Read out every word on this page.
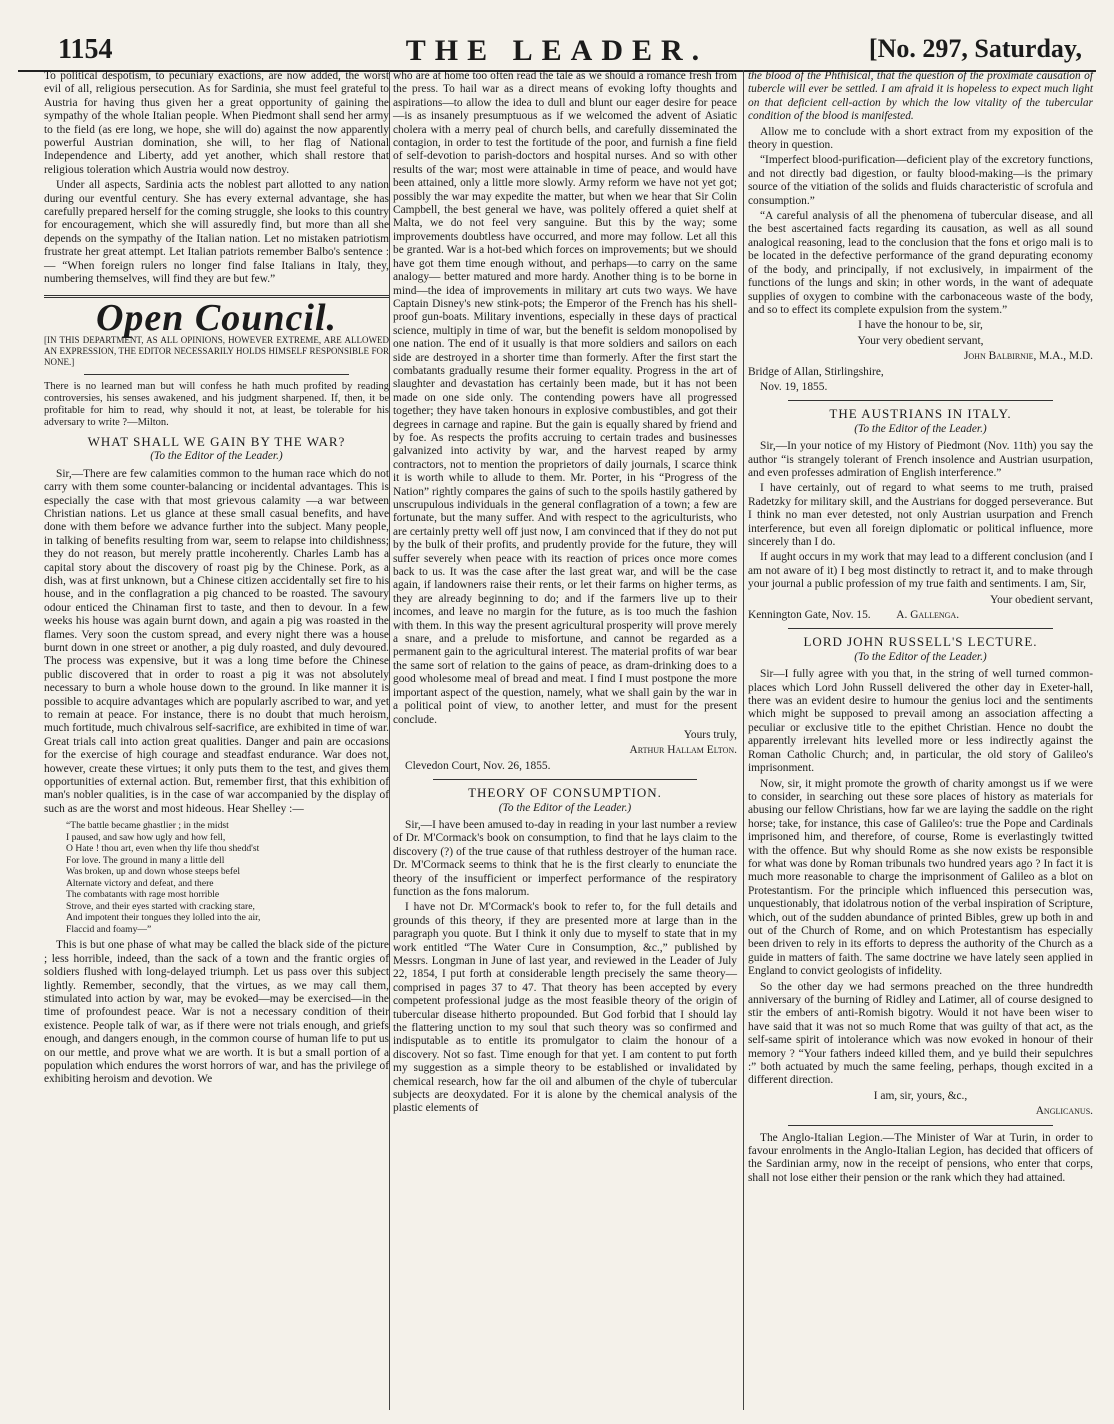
1154	THE LEADER.	[No. 297, Saturday,

To political despotism, to pecuniary exactions, are now added, the worst evil of all, religious persecution. As for Sardinia, she must feel grateful to Austria for having thus given her a great opportunity of gaining the sympathy of the whole Italian people. When Piedmont shall send her army to the field (as ere long, we hope, she will do) against the now apparently powerful Austrian domination, she will, to her flag of National Independence and Liberty, add yet another, which shall restore that religious toleration which Austria would now destroy.

Under all aspects, Sardinia acts the noblest part allotted to any nation during our eventful century. She has every external advantage, she has carefully prepared herself for the coming struggle, she looks to this country for encouragement, which she will assuredly find, but more than all she depends on the sympathy of the Italian nation. Let no mistaken patriotism frustrate her great attempt. Let Italian patriots remember Balbo's sentence :— “When foreign rulers no longer find false Italians in Italy, they, numbering themselves, will find they are but few.”

Open Council.

[IN THIS DEPARTMENT, AS ALL OPINIONS, HOWEVER EXTREME, ARE ALLOWED AN EXPRESSION, THE EDITOR NECESSARILY HOLDS HIMSELF RESPONSIBLE FOR NONE.]

There is no learned man but will confess he hath much profited by reading controversies, his senses awakened, and his judgment sharpened. If, then, it be profitable for him to read, why should it not, at least, be tolerable for his adversary to write ?—Milton.

WHAT SHALL WE GAIN BY THE WAR?
(To the Editor of the Leader.)

Sir,—There are few calamities common to the human race which do not carry with them some counter-balancing or incidental advantages. This is especially the case with that most grievous calamity —a war between Christian nations. Let us glance at these small casual benefits, and have done with them before we advance further into the subject. Many people, in talking of benefits resulting from war, seem to relapse into childishness; they do not reason, but merely prattle incoherently. Charles Lamb has a capital story about the discovery of roast pig by the Chinese. Pork, as a dish, was at first unknown, but a Chinese citizen accidentally set fire to his house, and in the conflagration a pig chanced to be roasted. The savoury odour enticed the Chinaman first to taste, and then to devour. In a few weeks his house was again burnt down, and again a pig was roasted in the flames. Very soon the custom spread, and every night there was a house burnt down in one street or another, a pig duly roasted, and duly devoured. The process was expensive, but it was a long time before the Chinese public discovered that in order to roast a pig it was not absolutely necessary to burn a whole house down to the ground. In like manner it is possible to acquire advantages which are popularly ascribed to war, and yet to remain at peace. For instance, there is no doubt that much heroism, much fortitude, much chivalrous self-sacrifice, are exhibited in time of war. Great trials call into action great qualities. Danger and pain are occasions for the exercise of high courage and steadfast endurance. War does not, however, create these virtues; it only puts them to the test, and gives them opportunities of external action. But, remember first, that this exhibition of man's nobler qualities, is in the case of war accompanied by the display of such as are the worst and most hideous. Hear Shelley :—

“The battle became ghastlier ; in the midst
I paused, and saw how ugly and how fell,
O Hate ! thou art, even when thy life thou shedd'st
For love. The ground in many a little dell
Was broken, up and down whose steeps befel
Alternate victory and defeat, and there
The combatants with rage most horrible
Strove, and their eyes started with cracking stare,
And impotent their tongues they lolled into the air,
Flaccid and foamy—”

This is but one phase of what may be called the black side of the picture ; less horrible, indeed, than the sack of a town and the frantic orgies of soldiers flushed with long-delayed triumph. Let us pass over this subject lightly. Remember, secondly, that the virtues, as we may call them, stimulated into action by war, may be evoked—may be exercised—in the time of profoundest peace. War is not a necessary condition of their existence. People talk of war, as if there were not trials enough, and griefs enough, and dangers enough, in the common course of human life to put us on our mettle, and prove what we are worth. It is but a small portion of a population which endures the worst horrors of war, and has the privilege of exhibiting heroism and devotion. We

who are at home too often read the tale as we should a romance fresh from the press. To hail war as a direct means of evoking lofty thoughts and aspirations—to allow the idea to dull and blunt our eager desire for peace—is as insanely presumptuous as if we welcomed the advent of Asiatic cholera with a merry peal of church bells, and carefully disseminated the contagion, in order to test the fortitude of the poor, and furnish a fine field of self-devotion to parish-doctors and hospital nurses. And so with other results of the war; most were attainable in time of peace, and would have been attained, only a little more slowly. Army reform we have not yet got; possibly the war may expedite the matter, but when we hear that Sir Colin Campbell, the best general we have, was politely offered a quiet shelf at Malta, we do not feel very sanguine. But this by the way; some improvements doubtless have occurred, and more may follow. Let all this be granted. War is a hot-bed which forces on improvements; but we should have got them time enough without, and perhaps—to carry on the same analogy— better matured and more hardy. Another thing is to be borne in mind—the idea of improvements in military art cuts two ways. We have Captain Disney's new stink-pots; the Emperor of the French has his shell-proof gun-boats. Military inventions, especially in these days of practical science, multiply in time of war, but the benefit is seldom monopolised by one nation. The end of it usually is that more soldiers and sailors on each side are destroyed in a shorter time than formerly. After the first start the combatants gradually resume their former equality. Progress in the art of slaughter and devastation has certainly been made, but it has not been made on one side only. The contending powers have all progressed together; they have taken honours in explosive combustibles, and got their degrees in carnage and rapine. But the gain is equally shared by friend and by foe. As respects the profits accruing to certain trades and businesses galvanized into activity by war, and the harvest reaped by army contractors, not to mention the proprietors of daily journals, I scarce think it is worth while to allude to them. Mr. Porter, in his “Progress of the Nation” rightly compares the gains of such to the spoils hastily gathered by unscrupulous individuals in the general conflagration of a town; a few are fortunate, but the many suffer. And with respect to the agriculturists, who are certainly pretty well off just now, I am convinced that if they do not put by the bulk of their profits, and prudently provide for the future, they will suffer severely when peace with its reaction of prices once more comes back to us. It was the case after the last great war, and will be the case again, if landowners raise their rents, or let their farms on higher terms, as they are already beginning to do; and if the farmers live up to their incomes, and leave no margin for the future, as is too much the fashion with them. In this way the present agricultural prosperity will prove merely a snare, and a prelude to misfortune, and cannot be regarded as a permanent gain to the agricultural interest. The material profits of war bear the same sort of relation to the gains of peace, as dram-drinking does to a good wholesome meal of bread and meat. I find I must postpone the more important aspect of the question, namely, what we shall gain by the war in a political point of view, to another letter, and must for the present conclude.

Yours truly,

Arthur Hallam Elton.

Clevedon Court, Nov. 26, 1855.

THEORY OF CONSUMPTION.
(To the Editor of the Leader.)

Sir,—I have been amused to-day in reading in your last number a review of Dr. M'Cormack's book on consumption, to find that he lays claim to the discovery (?) of the true cause of that ruthless destroyer of the human race. Dr. M'Cormack seems to think that he is the first clearly to enunciate the theory of the insufficient or imperfect performance of the respiratory function as the fons malorum.

I have not Dr. M'Cormack's book to refer to, for the full details and grounds of this theory, if they are presented more at large than in the paragraph you quote. But I think it only due to myself to state that in my work entitled “The Water Cure in Consumption, &c.,” published by Messrs. Longman in June of last year, and reviewed in the Leader of July 22, 1854, I put forth at considerable length precisely the same theory—comprised in pages 37 to 47. That theory has been accepted by every competent professional judge as the most feasible theory of the origin of tubercular disease hitherto propounded. But God forbid that I should lay the flattering unction to my soul that such theory was so confirmed and indisputable as to entitle its promulgator to claim the honour of a discovery. Not so fast. Time enough for that yet. I am content to put forth my suggestion as a simple theory to be established or invalidated by chemical research, how far the oil and albumen of the chyle of tubercular subjects are deoxydated. For it is alone by the chemical analysis of the plastic elements of

the blood of the Phthisical, that the question of the proximate causation of tubercle will ever be settled. I am afraid it is hopeless to expect much light on that deficient cell-action by which the low vitality of the tubercular condition of the blood is manifested.

Allow me to conclude with a short extract from my exposition of the theory in question.

“Imperfect blood-purification—deficient play of the excretory functions, and not directly bad digestion, or faulty blood-making—is the primary source of the vitiation of the solids and fluids characteristic of scrofula and consumption.”

“A careful analysis of all the phenomena of tubercular disease, and all the best ascertained facts regarding its causation, as well as all sound analogical reasoning, lead to the conclusion that the fons et origo mali is to be located in the defective performance of the grand depurating economy of the body, and principally, if not exclusively, in impairment of the functions of the lungs and skin; in other words, in the want of adequate supplies of oxygen to combine with the carbonaceous waste of the body, and so to effect its complete expulsion from the system.”

I have the honour to be, sir,

Your very obedient servant,

John Balbirnie, M.A., M.D.

Bridge of Allan, Stirlingshire,

Nov. 19, 1855.

THE AUSTRIANS IN ITALY.
(To the Editor of the Leader.)

Sir,—In your notice of my History of Piedmont (Nov. 11th) you say the author “is strangely tolerant of French insolence and Austrian usurpation, and even professes admiration of English interference.”

I have certainly, out of regard to what seems to me truth, praised Radetzky for military skill, and the Austrians for dogged perseverance. But I think no man ever detested, not only Austrian usurpation and French interference, but even all foreign diplomatic or political influence, more sincerely than I do.

If aught occurs in my work that may lead to a different conclusion (and I am not aware of it) I beg most distinctly to retract it, and to make through your journal a public profession of my true faith and sentiments. I am, Sir,

Your obedient servant,

Kennington Gate, Nov. 15. A. Gallenga.

LORD JOHN RUSSELL'S LECTURE.
(To the Editor of the Leader.)

Sir—I fully agree with you that, in the string of well turned common-places which Lord John Russell delivered the other day in Exeter-hall, there was an evident desire to humour the genius loci and the sentiments which might be supposed to prevail among an association affecting a peculiar or exclusive title to the epithet Christian. Hence no doubt the apparently irrelevant hits levelled more or less indirectly against the Roman Catholic Church; and, in particular, the old story of Galileo's imprisonment.

Now, sir, it might promote the growth of charity amongst us if we were to consider, in searching out these sore places of history as materials for abusing our fellow Christians, how far we are laying the saddle on the right horse; take, for instance, this case of Galileo's: true the Pope and Cardinals imprisoned him, and therefore, of course, Rome is everlastingly twitted with the offence. But why should Rome as she now exists be responsible for what was done by Roman tribunals two hundred years ago ? In fact it is much more reasonable to charge the imprisonment of Galileo as a blot on Protestantism. For the principle which influenced this persecution was, unquestionably, that idolatrous notion of the verbal inspiration of Scripture, which, out of the sudden abundance of printed Bibles, grew up both in and out of the Church of Rome, and on which Protestantism has especially been driven to rely in its efforts to depress the authority of the Church as a guide in matters of faith. The same doctrine we have lately seen applied in England to convict geologists of infidelity.

So the other day we had sermons preached on the three hundredth anniversary of the burning of Ridley and Latimer, all of course designed to stir the embers of anti-Romish bigotry. Would it not have been wiser to have said that it was not so much Rome that was guilty of that act, as the self-same spirit of intolerance which was now evoked in honour of their memory ? “Your fathers indeed killed them, and ye build their sepulchres :” both actuated by much the same feeling, perhaps, though excited in a different direction.

I am, sir, yours, &c.,

Anglicanus.

The Anglo-Italian Legion.—The Minister of War at Turin, in order to favour enrolments in the Anglo-Italian Legion, has decided that officers of the Sardinian army, now in the receipt of pensions, who enter that corps, shall not lose either their pension or the rank which they had attained.
